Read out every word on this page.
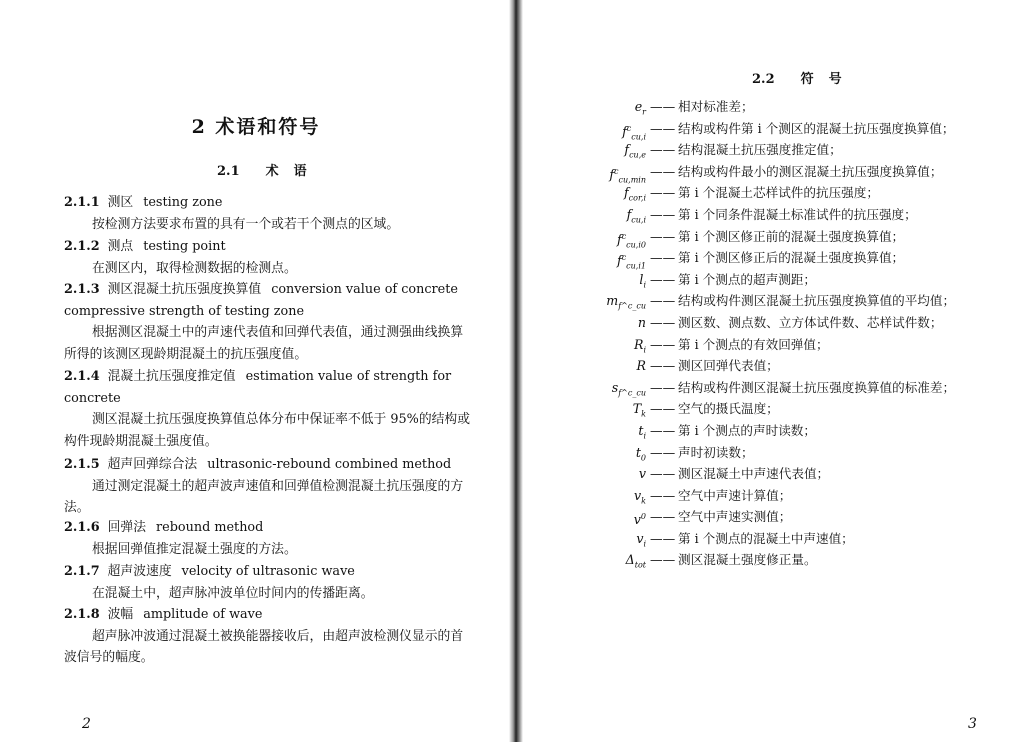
2 术语和符号
2.1 术　语
2.1.1 测区 testing zone
按检测方法要求布置的具有一个或若干个测点的区域。
2.1.2 测点 testing point
在测区内，取得检测数据的检测点。
2.1.3 测区混凝土抗压强度换算值 conversion value of concrete compressive strength of testing zone
根据测区混凝土中的声速代表值和回弹代表值，通过测强曲线换算所得的该测区现龄期混凝土的抗压强度值。
2.1.4 混凝土抗压强度推定值 estimation value of strength for concrete
测区混凝土抗压强度换算值总体分布中保证率不低于 95%的结构或构件现龄期混凝土强度值。
2.1.5 超声回弹综合法 ultrasonic-rebound combined method
通过测定混凝土的超声波声速值和回弹值检测混凝土抗压强度的方法。
2.1.6 回弹法 rebound method
根据回弹值推定混凝土强度的方法。
2.1.7 超声波速度 velocity of ultrasonic wave
在混凝土中，超声脉冲波单位时间内的传播距离。
2.1.8 波幅 amplitude of wave
超声脉冲波通过混凝土被换能器接收后，由超声波检测仪显示的首波信号的幅度。
2
2.2 符　号
3
$e_r$ —— 相对标准差；
$f^c_{cu,i}$
—— 结构或构件第 i 个测区的混凝土抗压强度换算值；
$f_{cu,e}$ —— 结构混凝土抗压强度推定值；
$f^c_{cu,min}$
—— 结构或构件最小的测区混凝土抗压强度换算值；
$f_{cor,i}$ —— 第 i 个混凝土芯样试件的抗压强度；
$f_{cu,i}$ —— 第 i 个同条件混凝土标准试件的抗压强度；
$f^c_{cu,i0}$
—— 第 i 个测区修正前的混凝土强度换算值；
$f^c_{cu,i1}$
—— 第 i 个测区修正后的混凝土强度换算值；
$l_i$ —— 第 i 个测点的超声测距；
$m_{f\^{}c\_cu}$ —— 结构或构件测区混凝土抗压强度换算值的平均值；
n —— 测区数、测点数、立方体试件数、芯样试件数；
$R_i$ —— 第 i 个测点的有效回弹值；
R —— 测区回弹代表值；
$s_{f\^{}c\_cu}$ —— 结构或构件测区混凝土抗压强度换算值的标准差；
$T_k$ —— 空气的摄氏温度；
$t_i$ —— 第 i 个测点的声时读数；
$t_0$ —— 声时初读数；
v —— 测区混凝土中声速代表值；
$v_k$ —— 空气中声速计算值；
$v^0$ —— 空气中声速实测值；
$v_i$ —— 第 i 个测点的混凝土中声速值；
$\Delta_{tot}$ —— 测区混凝土强度修正量。
